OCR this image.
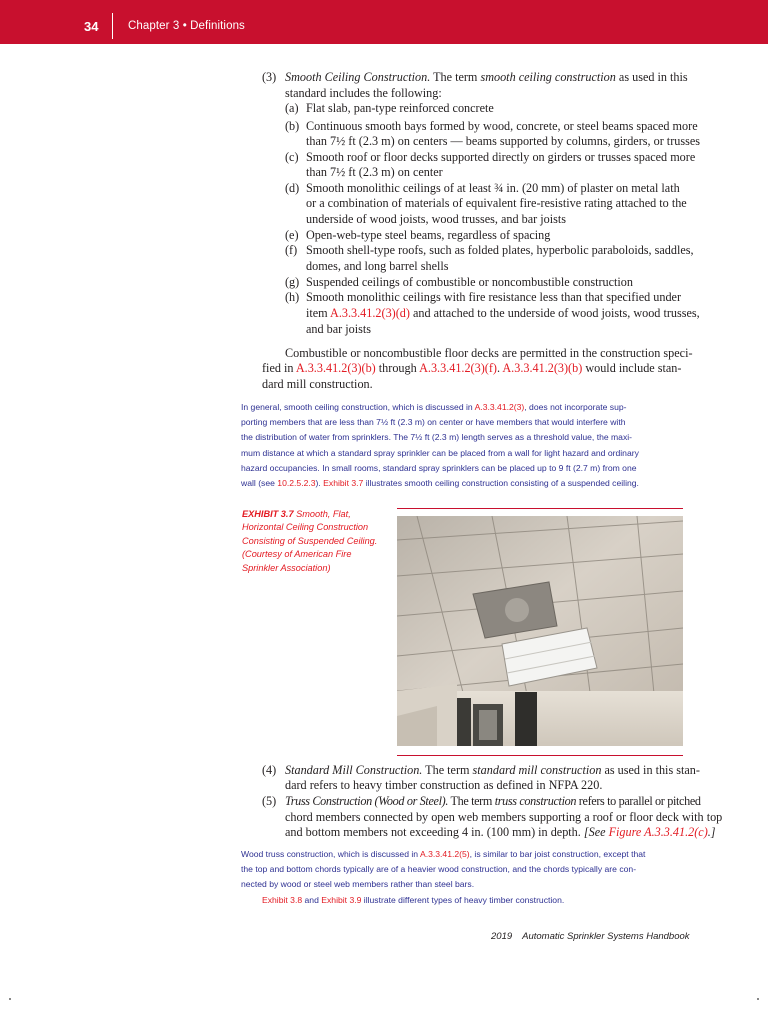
34	Chapter 3 • Definitions
(3) Smooth Ceiling Construction. The term smooth ceiling construction as used in this
standard includes the following:
(a) Flat slab, pan-type reinforced concrete
(b) Continuous smooth bays formed by wood, concrete, or steel beams spaced more
than 7½ ft (2.3 m) on centers — beams supported by columns, girders, or trusses
(c) Smooth roof or floor decks supported directly on girders or trusses spaced more
than 7½ ft (2.3 m) on center
(d) Smooth monolithic ceilings of at least ¾ in. (20 mm) of plaster on metal lath
or a combination of materials of equivalent fire-resistive rating attached to the
underside of wood joists, wood trusses, and bar joists
(e) Open-web-type steel beams, regardless of spacing
(f) Smooth shell-type roofs, such as folded plates, hyperbolic paraboloids, saddles,
domes, and long barrel shells
(g) Suspended ceilings of combustible or noncombustible construction
(h) Smooth monolithic ceilings with fire resistance less than that specified under
item A.3.3.41.2(3)(d) and attached to the underside of wood joists, wood trusses,
and bar joists
Combustible or noncombustible floor decks are permitted in the construction speci-
fied in A.3.3.41.2(3)(b) through A.3.3.41.2(3)(f). A.3.3.41.2(3)(b) would include stan-
dard mill construction.
In general, smooth ceiling construction, which is discussed in A.3.3.41.2(3), does not incorporate sup-
porting members that are less than 7½ ft (2.3 m) on center or have members that would interfere with
the distribution of water from sprinklers. The 7½ ft (2.3 m) length serves as a threshold value, the maxi-
mum distance at which a standard spray sprinkler can be placed from a wall for light hazard and ordinary
hazard occupancies. In small rooms, standard spray sprinklers can be placed up to 9 ft (2.7 m) from one
wall (see 10.2.5.2.3). Exhibit 3.7 illustrates smooth ceiling construction consisting of a suspended ceiling.
EXHIBIT 3.7 Smooth, Flat,
Horizontal Ceiling Construction
Consisting of Suspended Ceiling.
(Courtesy of American Fire
Sprinkler Association)
(4) Standard Mill Construction. The term standard mill construction as used in this stan-
dard refers to heavy timber construction as defined in NFPA 220.
(5) Truss Construction (Wood or Steel). The term truss construction refers to parallel or pitched
chord members connected by open web members supporting a roof or floor deck with top
and bottom members not exceeding 4 in. (100 mm) in depth. [See Figure A.3.3.41.2(c).]
Wood truss construction, which is discussed in A.3.3.41.2(5), is similar to bar joist construction, except that
the top and bottom chords typically are of a heavier wood construction, and the chords typically are con-
nected by wood or steel web members rather than steel bars.
Exhibit 3.8 and Exhibit 3.9 illustrate different types of heavy timber construction.
2019 Automatic Sprinkler Systems Handbook
